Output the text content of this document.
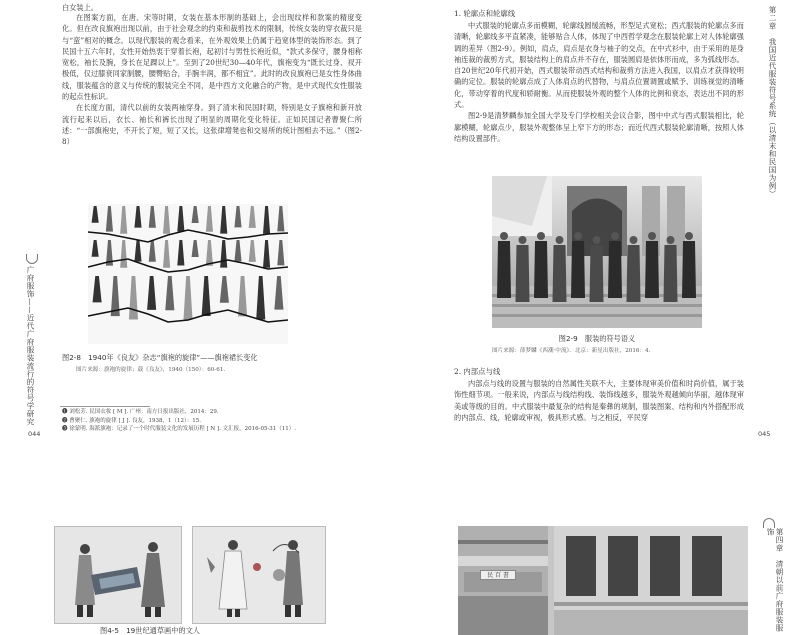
白女装上。

在图案方面，在唐、宋等时期，女装在基本形制的基础上，会出现纹样和款案的精度变化。但在改良旗袍出现以前，由于社会观念的约束和裁剪技术的限制，传统女装的穿衣裁只是与“蛮”相对的概念。以现代服装的观念看来，在外观效果上仍属于趋宽体型的装饰形态。到了民国十五六年时，女性开始热衷于穿着长袍，起初讨与男性长袍近似，“款式多保守，腰身相称宽松，袖长及腕，身长在足踝以上”。至到了20世纪30—40年代，旗袍变为“既长过身、衩开极低，仅过膝衰同家制腰，腰臀贴合，手腕丰润，都不相宜”。此时的改良旗袍已是女性身体曲线，服装蕴含的意义与传统的服装完全不同，是中西方文化融合的产物，是中式现代女性服装的起点性标识。

在长度方面，清代以前的女装两袖穿身。到了清末和民国时期，特别是女子旗袍和新开放流行起来以后，衣长、袖长和裤长出现了明显的周期化变化特征。正如民国记者曹聚仁所述：“一部旗袍史，不开长了短，短了又长，这张律增凳也和交易所的统计图相去不远。”（图2-8）

图2-8　1940年《良友》杂志“旗袍的旋律”——旗袍裙长变化
图片来源：旗袍的旋律；载《良友》，1940（150）：60-61.
❶ 刘松芳. 民国衣妆 [ M ]. 广州：南方日报出版社，2014：29.
❷ 曹聚仁. 旗袍的旋律 [ J ]. 良友，1938，1（12）：15.
❸ 徐蒙明. 海派旗袍：记录了一个时代服装文化的发展历程 [ N ]. 文汇报，2016-05-31（11）.
广府服饰——近代广府服装流行的符号学研究
044
1. 轮廓点和轮廓线

中式服装的轮廓点多而模糊，轮廓线圆缓流畅，形型足式宽松；西式服装的轮廓点多而清晰，轮廓线多平直紧凑，能够贴合人体，体现了中西哲学观念在服装轮廓上对人体轮廓强调的差异（图2-9）。例如，肩点，肩点是衣身与袖子的交点，在中式衫中，由于采用的是身袖连裁的裁剪方式，服装结构上的肩点并不存在，服装圆肩是依体形而成，多为弧线形态。自20世纪20年代初开始，西式服装带动西式结构和裁剪方法进入我国，以肩点才获得较明确的定位。服装的轮廓点成了人体肩点的代替物，与肩点位置调置或赋予、训练视觉的清晰化，带动穿着的代度和轿耐衡。从而使服装外观的整个人体的比例和衰态，表达出不同的形式。

图2-9是清梦麟参加全国大学及专门学校相关会议合影，图中中式与西式服装相比，轮廓模糊，轮廓点少，服装外观整体呈上窄下方的形态；而近代西式服装轮廓清晰，按照人体结构设置部件。

图2-9　服装的符号语义
图片来源：薛梦麟《西潮·中流》．北京：新星出版社，2016：4.
2. 内部点与线

内部点与线的设置与服装的自然属性关联不大，主要体现审美价值和时尚价值，属于装饰性细节项。一般来说，内部点与线结构线、装饰线越多，服装外观越倾向华丽，越体现审美或等级的目的。中式服装中最复杂的结构是秦彝的规制，服装图案、结构和内外搭配形成的内部点、线，轮廓或审视，极具形式感。与之相反，平民穿

第二章　我国近代服装符号系统（以清末和民国为例）
045
图4-5　19世纪通草画中的文人
民 百 書	第四章　清朝以前广府服装服饰
